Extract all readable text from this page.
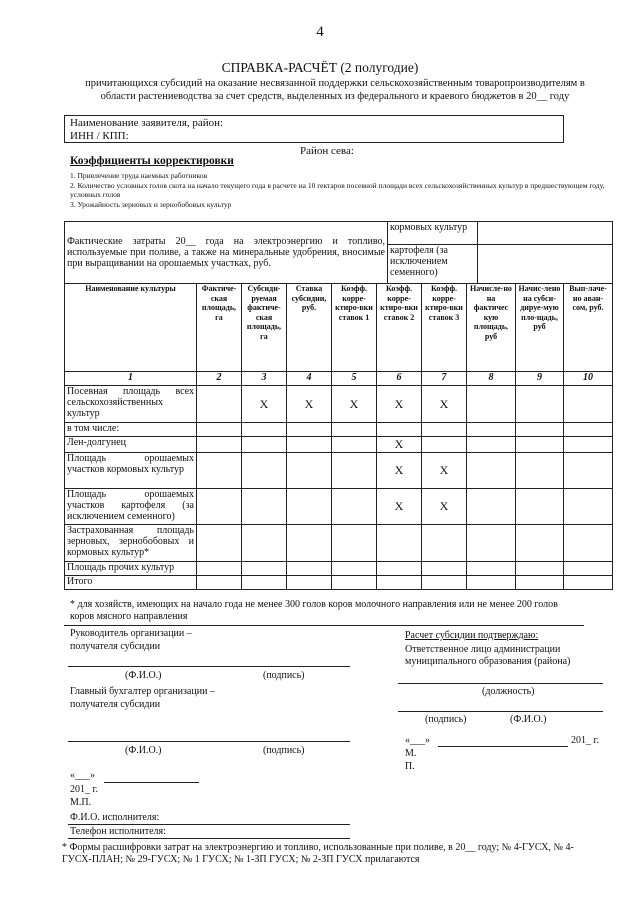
4
СПРАВКА-РАСЧЁТ (2 полугодие)
причитающихся субсидий на оказание несвязанной поддержки сельскохозяйственным товаропроизводителям в области растениеводства за счет средств, выделенных из федерального и краевого бюджетов в 20__ году
Наименование заявителя, район:
ИНН / КПП:
Район сева:
Коэффициенты корректировки
1. Привлечение труда наемных работников
2. Количество условных голов скота на начало текущего года в расчете на 10 гектаров посевной площади всех сельскохозяйственных культур в предшествующем году, условных голов
3. Урожайность зерновых и зернобобовых культур
Фактические затраты 20__ года на электроэнергию и топливо, используемые при поливе, а также на минеральные удобрения, вносимые при выращивании на орошаемых участках, руб.	кормовых культур	
	картофеля (за исключением семенного)	
Наименование культуры	Фактиче-ская площадь, га	Субсиди-руемая фактиче-ская площадь, га	Ставка субсидии, руб.	Коэфф. корре-ктиро-вки ставок 1	Коэфф. корре-ктиро-вки ставок 2	Коэфф. корре-ктиро-вки ставок 3	Начисле-но на фактичес кую площадь, руб	Начис-лено на субси-дируе-мую пло-щадь, руб	Вып-лаче-но аван-сом, руб.
1	2	3	4	5	6	7	8	9	10
Посевная площадь всех сельскохозяйственных культур		X	X	X	X	X			
в том числе:									
Лен-долгунец					X				
Площадь орошаемых участков кормовых культур					X	X			
Площадь орошаемых участков картофеля (за исключением семенного)					X	X			
Застрахованная площадь зерновых, зернобобовых и кормовых культур*									
Площадь прочих культур									
Итого									
* для хозяйств, имеющих на начало года не менее 300 голов коров молочного направления или не менее 200 голов коров мясного направления
Руководитель организации –
получателя субсидии
(Ф.И.О.)	(подпись)
Главный бухгалтер организации –
получателя субсидии
(Ф.И.О.)	(подпись)
«___»
201_ г.
М.П.
Ф.И.О. исполнителя:
Телефон исполнителя:
Расчет субсидии подтверждаю:
Ответственное лицо администрации муниципального образования (района)
(должность)
(подпись)	(Ф.И.О.)
«___»	201_ г.
М.
П.
* Формы расшифровки затрат на электроэнергию и топливо, использованные при поливе, в 20__ году; № 4-ГУСХ, № 4-ГУСХ-ПЛАН; № 29-ГУСХ; № 1 ГУСХ; № 1-ЗП ГУСХ; № 2-ЗП ГУСХ прилагаются
